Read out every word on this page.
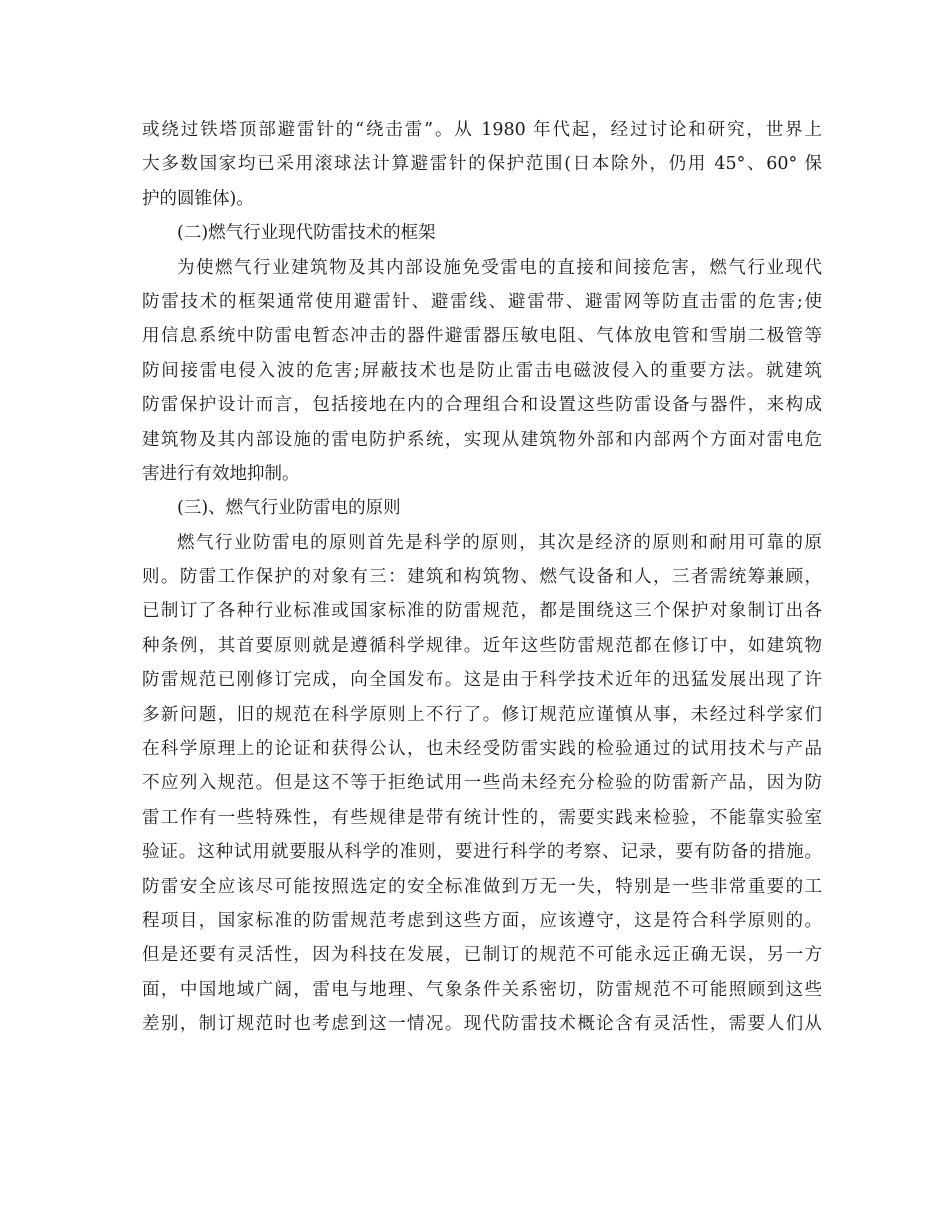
或绕过铁塔顶部避雷针的“绕击雷”。从 1980 年代起，经过讨论和研究，世界上
大多数国家均已采用滚球法计算避雷针的保护范围(日本除外，仍用 45°、60° 保
护的圆锥体)。
(二)燃气行业现代防雷技术的框架
为使燃气行业建筑物及其内部设施免受雷电的直接和间接危害，燃气行业现代
防雷技术的框架通常使用避雷针、避雷线、避雷带、避雷网等防直击雷的危害;使
用信息系统中防雷电暂态冲击的器件避雷器压敏电阻、气体放电管和雪崩二极管等
防间接雷电侵入波的危害;屏蔽技术也是防止雷击电磁波侵入的重要方法。就建筑
防雷保护设计而言，包括接地在内的合理组合和设置这些防雷设备与器件，来构成
建筑物及其内部设施的雷电防护系统，实现从建筑物外部和内部两个方面对雷电危
害进行有效地抑制。
(三)、燃气行业防雷电的原则
燃气行业防雷电的原则首先是科学的原则，其次是经济的原则和耐用可靠的原
则。防雷工作保护的对象有三：建筑和构筑物、燃气设备和人，三者需统筹兼顾，
已制订了各种行业标准或国家标准的防雷规范，都是围绕这三个保护对象制订出各
种条例，其首要原则就是遵循科学规律。近年这些防雷规范都在修订中，如建筑物
防雷规范已刚修订完成，向全国发布。这是由于科学技术近年的迅猛发展出现了许
多新问题，旧的规范在科学原则上不行了。修订规范应谨慎从事，未经过科学家们
在科学原理上的论证和获得公认，也未经受防雷实践的检验通过的试用技术与产品
不应列入规范。但是这不等于拒绝试用一些尚未经充分检验的防雷新产品，因为防
雷工作有一些特殊性，有些规律是带有统计性的，需要实践来检验，不能靠实验室
验证。这种试用就要服从科学的准则，要进行科学的考察、记录，要有防备的措施。
防雷安全应该尽可能按照选定的安全标准做到万无一失，特别是一些非常重要的工
程项目，国家标准的防雷规范考虑到这些方面，应该遵守，这是符合科学原则的。
但是还要有灵活性，因为科技在发展，已制订的规范不可能永远正确无误，另一方
面，中国地域广阔，雷电与地理、气象条件关系密切，防雷规范不可能照顾到这些
差别，制订规范时也考虑到这一情况。现代防雷技术概论含有灵活性，需要人们从
